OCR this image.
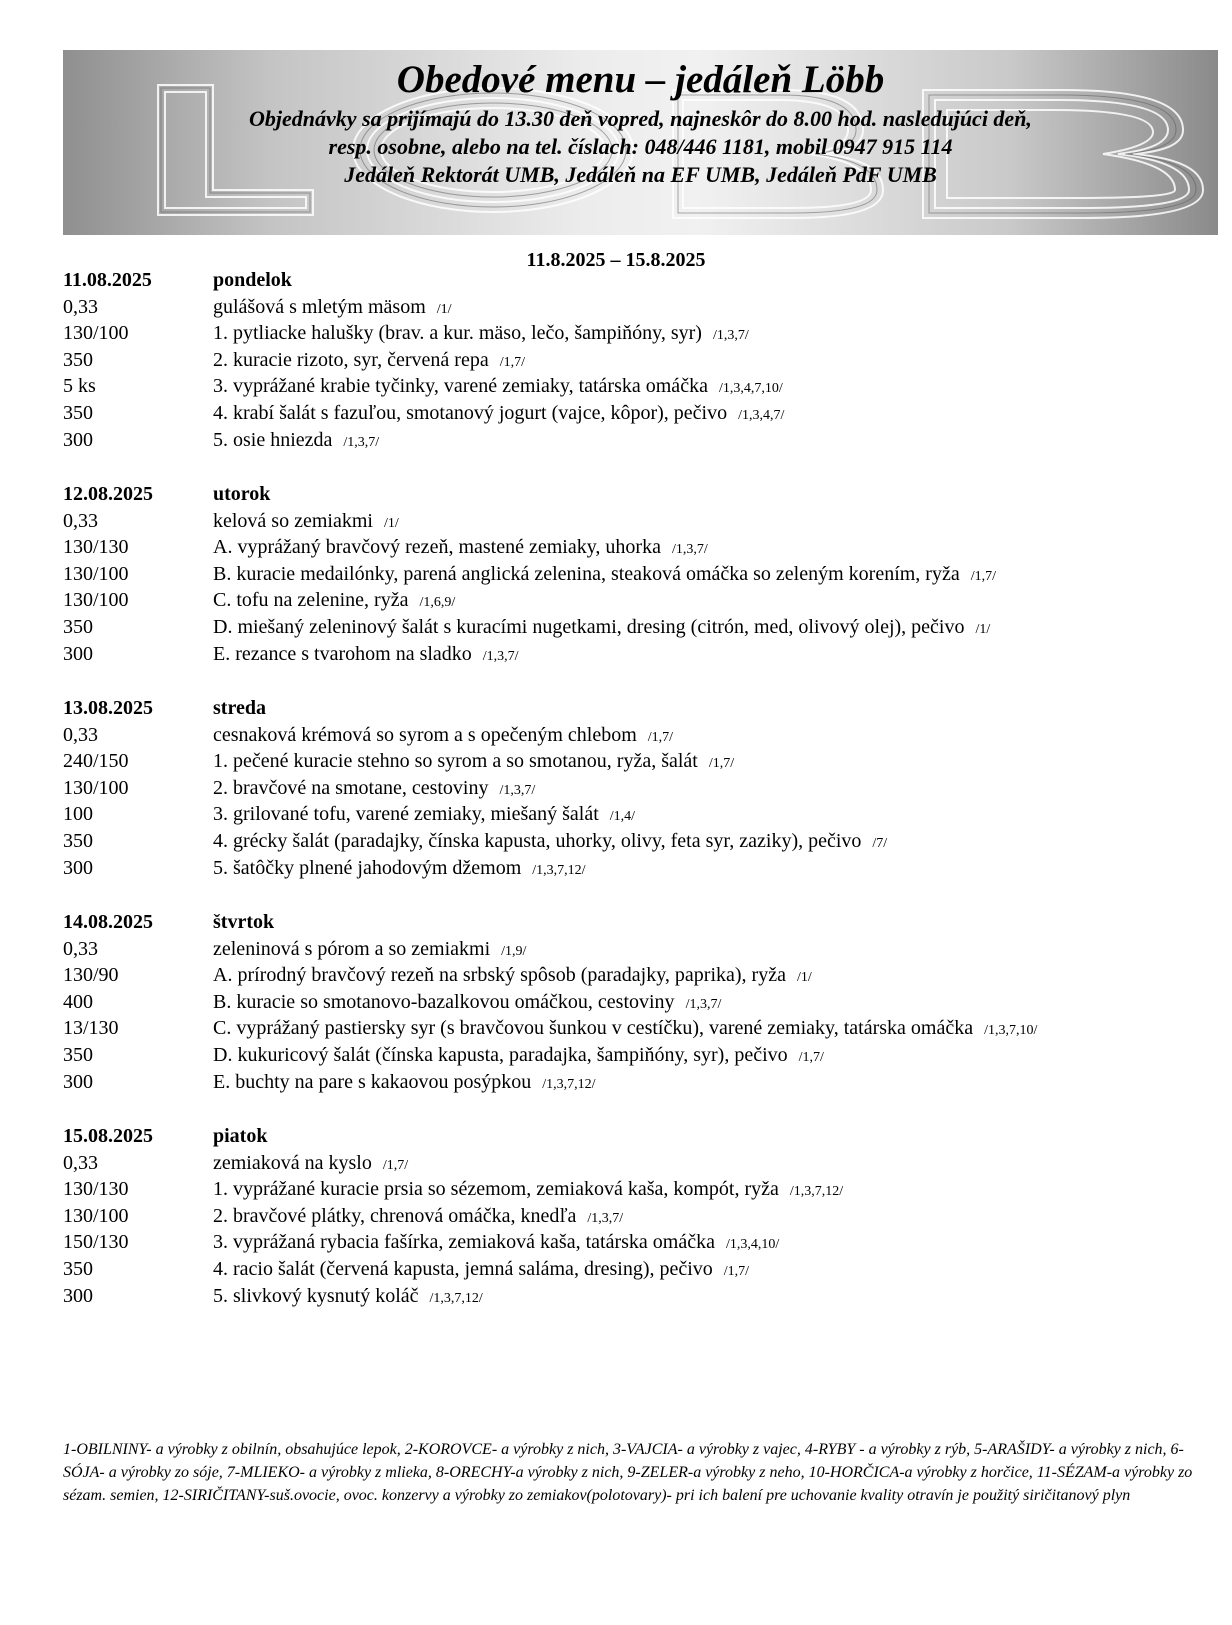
Obedové menu – jedáleň Löbb
Objednávky sa prijímajú do 13.30 deň vopred, najneskôr do 8.00 hod. nasledujúci deň,
resp. osobne, alebo na tel. číslach: 048/446 1181, mobil 0947 915 114
Jedáleň Rektorát UMB, Jedáleň na EF UMB, Jedáleň PdF UMB
11.8.2025 – 15.8.2025
11.08.2025	pondelok
0,33	gulášová s mletým mäsom /1/
130/100	1. pytliacke halušky (brav. a kur. mäso, lečo, šampiňóny, syr) /1,3,7/
350	2. kuracie rizoto, syr, červená repa /1,7/
5 ks	3. vyprážané krabie tyčinky, varené zemiaky, tatárska omáčka /1,3,4,7,10/
350	4. krabí šalát s fazuľou, smotanový jogurt (vajce, kôpor), pečivo /1,3,4,7/
300	5. osie hniezda /1,3,7/
12.08.2025	utorok
0,33	kelová so zemiakmi /1/
130/130	A. vyprážaný bravčový rezeň, mastené zemiaky, uhorka /1,3,7/
130/100	B. kuracie medailónky, parená anglická zelenina, steaková omáčka so zeleným korením, ryža /1,7/
130/100	C. tofu na zelenine, ryža /1,6,9/
350	D. miešaný zeleninový šalát s kuracími nugetkami, dresing (citrón, med, olivový olej), pečivo /1/
300	E. rezance s tvarohom na sladko /1,3,7/
13.08.2025	streda
0,33	cesnaková krémová so syrom a s opečeným chlebom /1,7/
240/150	1. pečené kuracie stehno so syrom a so smotanou, ryža, šalát /1,7/
130/100	2. bravčové na smotane, cestoviny /1,3,7/
100	3. grilované tofu, varené zemiaky, miešaný šalát /1,4/
350	4. grécky šalát (paradajky, čínska kapusta, uhorky, olivy, feta syr, zaziky), pečivo /7/
300	5. šatôčky plnené jahodovým džemom /1,3,7,12/
14.08.2025	štvrtok
0,33	zeleninová s pórom a so zemiakmi /1,9/
130/90	A. prírodný bravčový rezeň na srbský spôsob (paradajky, paprika), ryža /1/
400	B. kuracie so smotanovo-bazalkovou omáčkou, cestoviny /1,3,7/
13/130	C. vyprážaný pastiersky syr (s bravčovou šunkou v cestíčku), varené zemiaky, tatárska omáčka /1,3,7,10/
350	D. kukuricový šalát (čínska kapusta, paradajka, šampiňóny, syr), pečivo /1,7/
300	E. buchty na pare s kakaovou posýpkou /1,3,7,12/
15.08.2025	piatok
0,33	zemiaková na kyslo /1,7/
130/130	1. vyprážané kuracie prsia so sézemom, zemiaková kaša, kompót, ryža /1,3,7,12/
130/100	2. bravčové plátky, chrenová omáčka, knedľa /1,3,7/
150/130	3. vyprážaná rybacia fašírka, zemiaková kaša, tatárska omáčka /1,3,4,10/
350	4. racio šalát (červená kapusta, jemná saláma, dresing), pečivo /1,7/
300	5. slivkový kysnutý koláč /1,3,7,12/
1-OBILNINY- a výrobky z obilnín, obsahujúce lepok, 2-KOROVCE- a výrobky z nich, 3-VAJCIA- a výrobky z vajec, 4-RYBY - a výrobky z rýb, 5-ARAŠIDY- a výrobky z nich, 6-SÓJA- a výrobky zo sóje, 7-MLIEKO- a výrobky z mlieka, 8-ORECHY-a výrobky z nich, 9-ZELER-a výrobky z neho, 10-HORČICA-a výrobky z horčice, 11-SÉZAM-a výrobky zo sézam. semien, 12-SIRIČITANY-suš.ovocie, ovoc. konzervy a výrobky zo zemiakov(polotovary)- pri ich balení pre uchovanie kvality otravín je použitý siričitanový plyn
